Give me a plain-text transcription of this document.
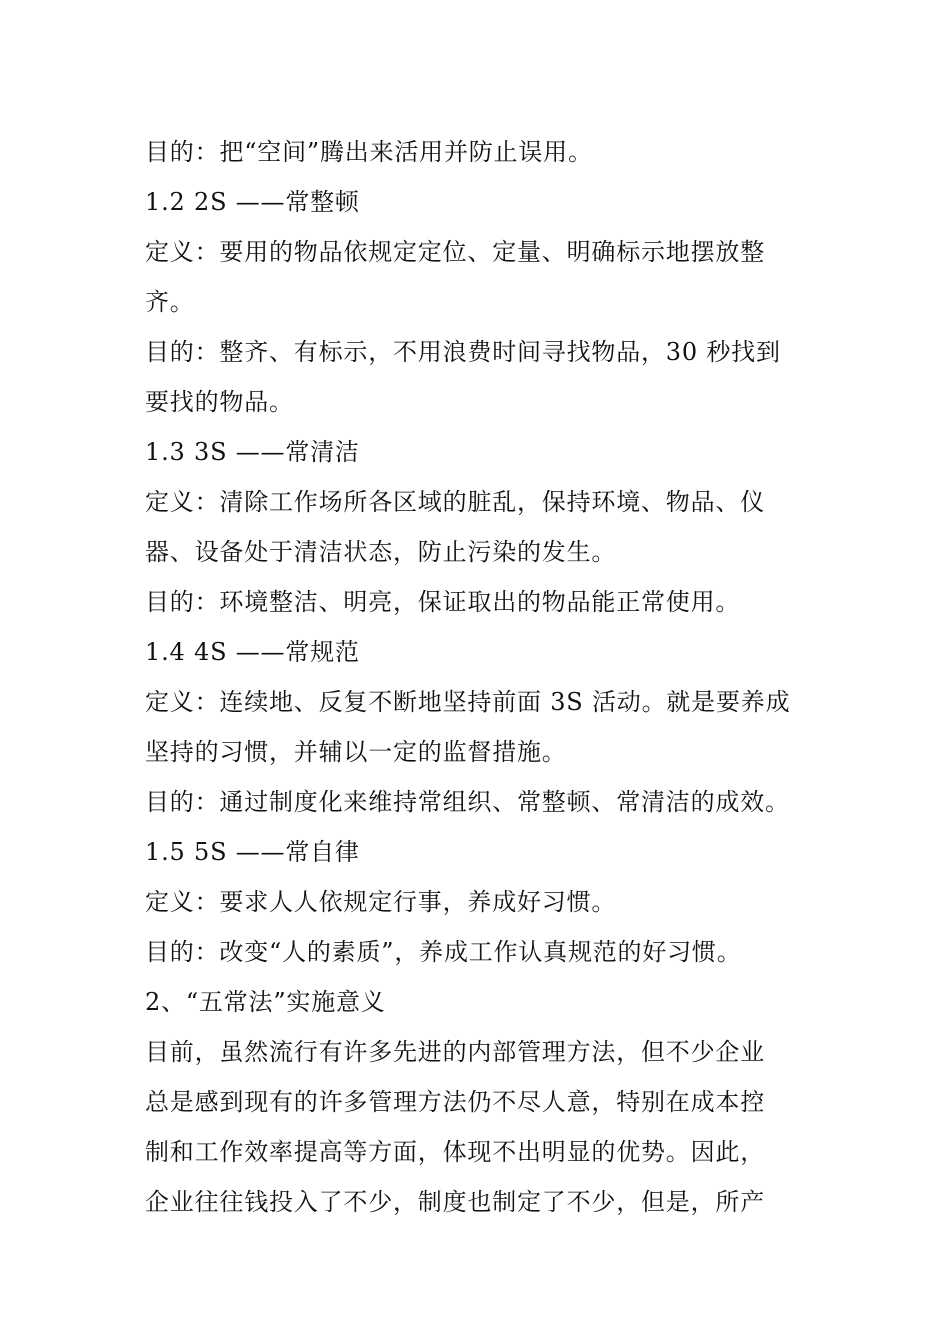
目的：把“空间”腾出来活用并防止误用。
1.2 2S ——常整顿
定义：要用的物品依规定定位、定量、明确标示地摆放整
齐。
目的：整齐、有标示，不用浪费时间寻找物品，30 秒找到
要找的物品。
1.3 3S ——常清洁
定义：清除工作场所各区域的脏乱，保持环境、物品、仪
器、设备处于清洁状态，防止污染的发生。
目的：环境整洁、明亮，保证取出的物品能正常使用。
1.4 4S ——常规范
定义：连续地、反复不断地坚持前面 3S 活动。就是要养成
坚持的习惯，并辅以一定的监督措施。
目的：通过制度化来维持常组织、常整顿、常清洁的成效。
1.5 5S ——常自律
定义：要求人人依规定行事，养成好习惯。
目的：改变“人的素质”，养成工作认真规范的好习惯。
2、“五常法”实施意义
目前，虽然流行有许多先进的内部管理方法，但不少企业
总是感到现有的许多管理方法仍不尽人意，特别在成本控
制和工作效率提高等方面，体现不出明显的优势。因此，
企业往往钱投入了不少，制度也制定了不少，但是，所产
